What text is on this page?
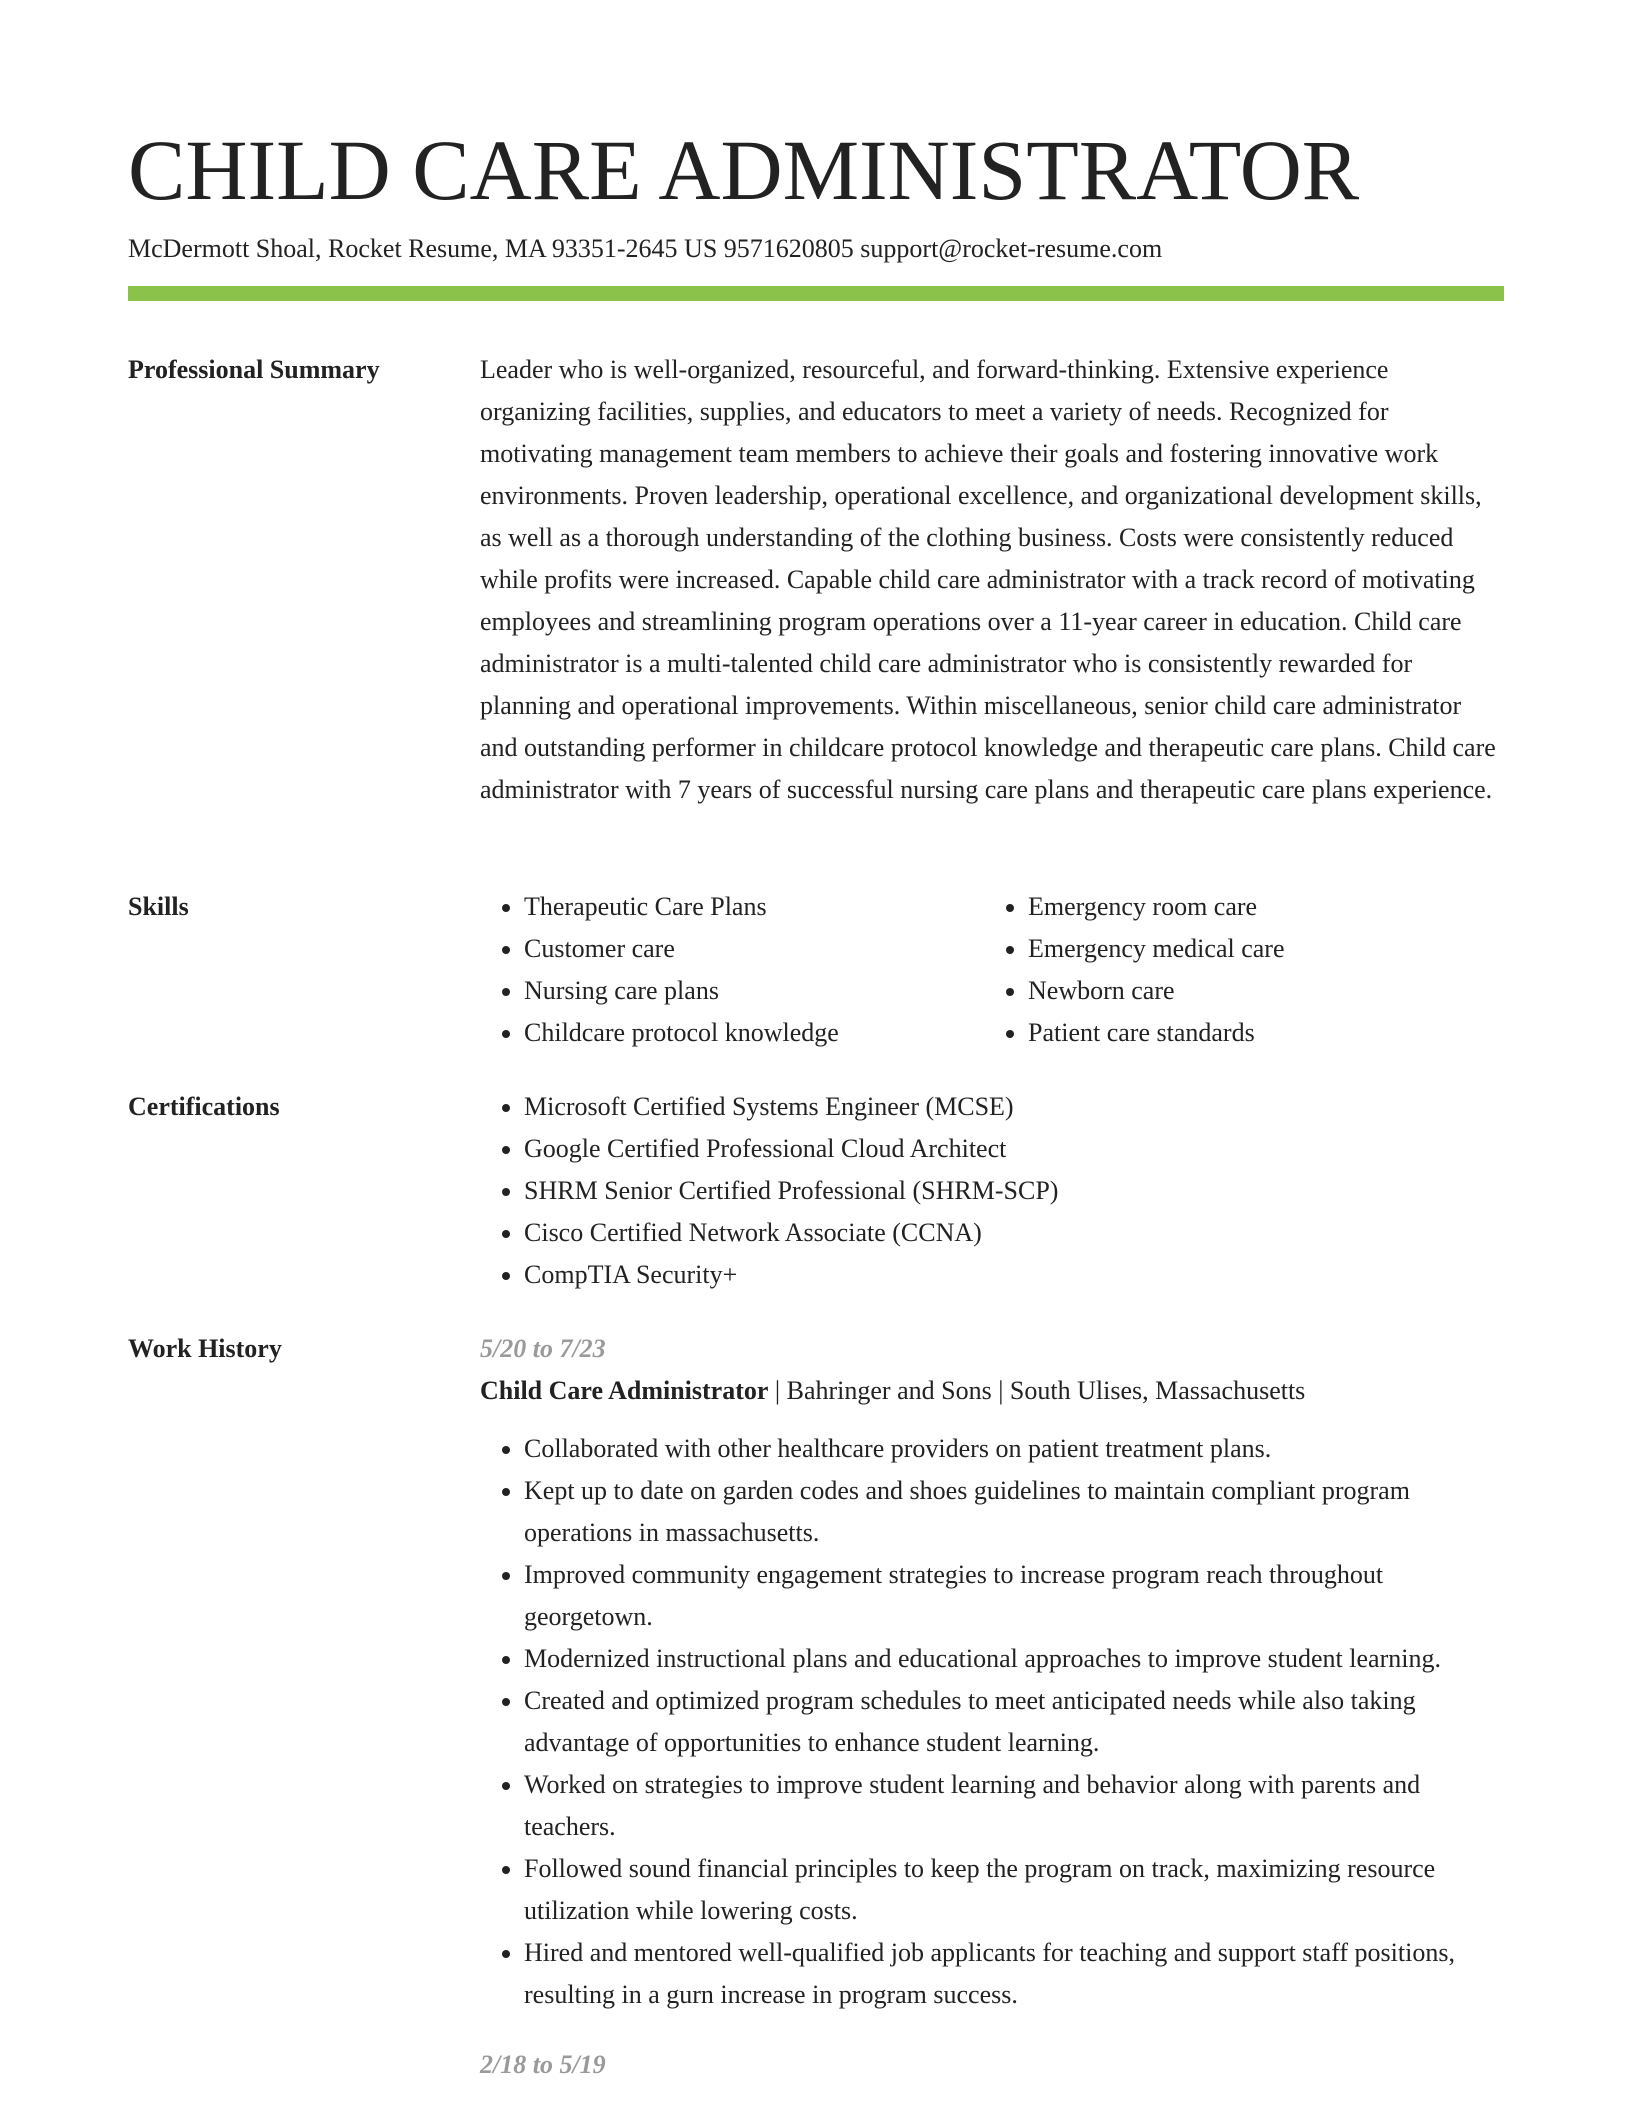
CHILD CARE ADMINISTRATOR
McDermott Shoal, Rocket Resume, MA 93351-2645 US 9571620805 support@rocket-resume.com
Professional Summary	Leader who is well-organized, resourceful, and forward-thinking. Extensive experience organizing facilities, supplies, and educators to meet a variety of needs. Recognized for motivating management team members to achieve their goals and fostering innovative work environments. Proven leadership, operational excellence, and organizational development skills, as well as a thorough understanding of the clothing business. Costs were consistently reduced while profits were increased. Capable child care administrator with a track record of motivating employees and streamlining program operations over a 11-year career in education. Child care administrator is a multi-talented child care administrator who is consistently rewarded for planning and operational improvements. Within miscellaneous, senior child care administrator and outstanding performer in childcare protocol knowledge and therapeutic care plans. Child care administrator with 7 years of successful nursing care plans and therapeutic care plans experience.

Skills	• Therapeutic Care Plans
• Customer care
• Nursing care plans
• Childcare protocol knowledge
• Emergency room care
• Emergency medical care
• Newborn care
• Patient care standards
Certifications	• Microsoft Certified Systems Engineer (MCSE)
• Google Certified Professional Cloud Architect
• SHRM Senior Certified Professional (SHRM-SCP)
• Cisco Certified Network Associate (CCNA)
• CompTIA Security+
Work History	5/20 to 7/23
Child Care Administrator | Bahringer and Sons | South Ulises, Massachusetts
• Collaborated with other healthcare providers on patient treatment plans.
• Kept up to date on garden codes and shoes guidelines to maintain compliant program operations in massachusetts.
• Improved community engagement strategies to increase program reach throughout georgetown.
• Modernized instructional plans and educational approaches to improve student learning.
• Created and optimized program schedules to meet anticipated needs while also taking advantage of opportunities to enhance student learning.
• Worked on strategies to improve student learning and behavior along with parents and teachers.
• Followed sound financial principles to keep the program on track, maximizing resource utilization while lowering costs.
• Hired and mentored well-qualified job applicants for teaching and support staff positions, resulting in a gurn increase in program success.
2/18 to 5/19
